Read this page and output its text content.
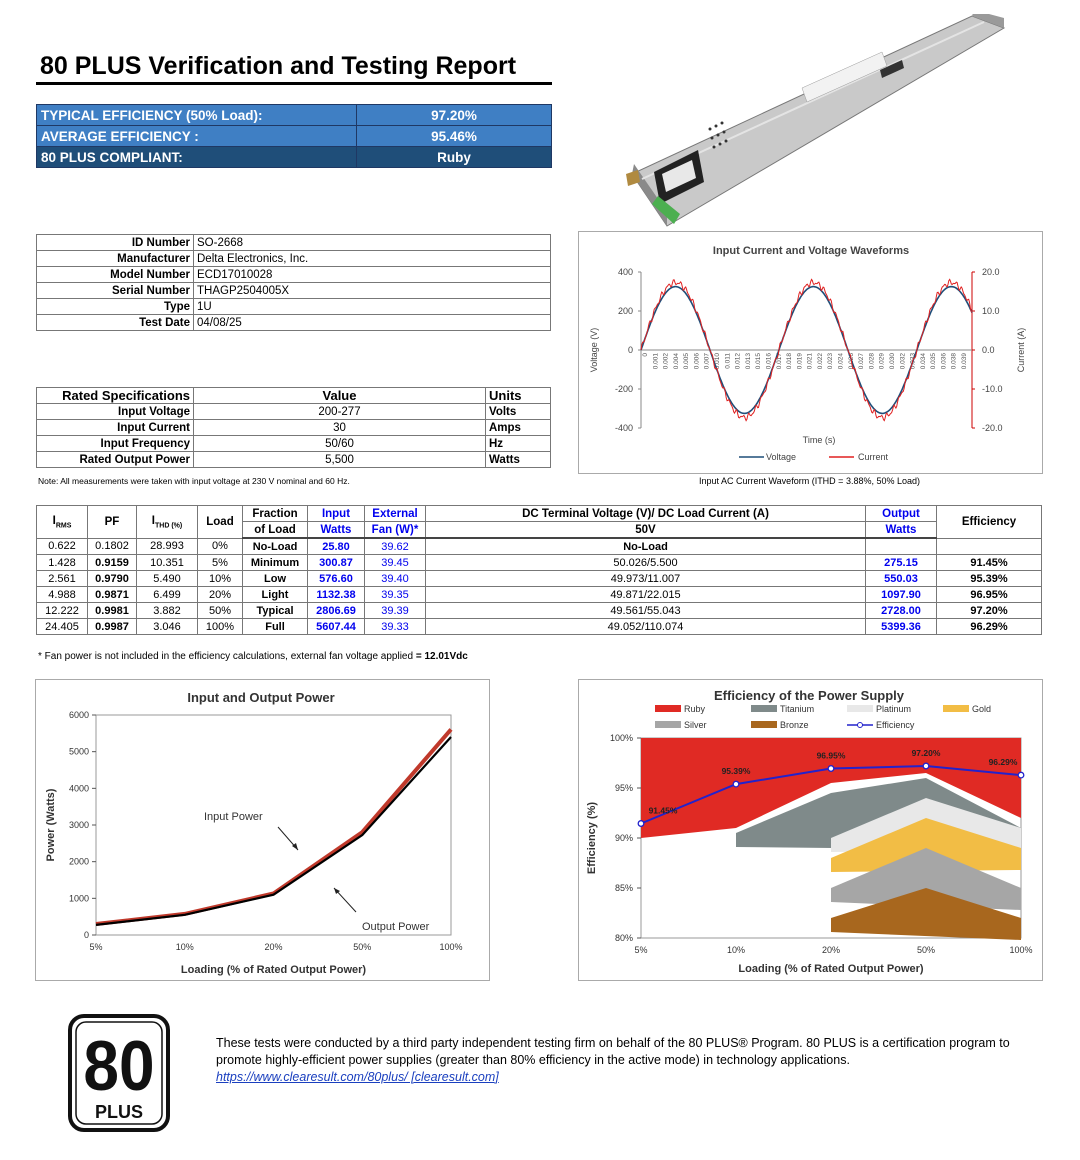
80 PLUS Verification and Testing Report
TYPICAL EFFICIENCY (50% Load):	97.20%
AVERAGE EFFICIENCY :	95.46%
80 PLUS COMPLIANT:	Ruby
ID Number	SO-2668
Manufacturer	Delta Electronics, Inc.
Model Number	ECD17010028
Serial Number	THAGP2504005X
Type	1U
Test Date	04/08/25
Rated Specifications	Value	Units
Input Voltage	200-277	Volts
Input Current	30	Amps
Input Frequency	50/60	Hz
Rated Output Power	5,500	Watts
Note: All measurements were taken with input voltage at 230 V nominal and 60 Hz.
Input Current and Voltage Waveforms
400
200
0
-200
-400
20.0
10.0
0.0
-10.0
-20.0
0 0.001 0.002 0.004 0.005 0.006 0.007 0.010 0.011 0.012 0.013 0.015 0.016 0.017 0.018 0.019 0.021 0.022 0.023 0.024 0.026 0.027 0.028 0.029 0.030 0.032 0.033 0.034 0.035 0.036 0.038 0.039
Time (s)
Voltage (V)	Current (A)
Voltage	Current
Input AC Current Waveform (ITHD = 3.88%, 50% Load)
$I_{RMS}$	PF	$I_{THD (\%)}$	Load	Fraction	Input	External	DC Terminal Voltage (V)/ DC Load Current (A)	Output	Efficiency
				of Load	Watts	Fan (W)*	50V	Watts	
0.622	0.1802	28.993	0%	No-Load	25.80	39.62	No-Load		
1.428	0.9159	10.351	5%	Minimum	300.87	39.45	50.026/5.500	275.15	91.45%
2.561	0.9790	5.490	10%	Low	576.60	39.40	49.973/11.007	550.03	95.39%
4.988	0.9871	6.499	20%	Light	1132.38	39.35	49.871/22.015	1097.90	96.95%
12.222	0.9981	3.882	50%	Typical	2806.69	39.39	49.561/55.043	2728.00	97.20%
24.405	0.9987	3.046	100%	Full	5607.44	39.33	49.052/110.074	5399.36	96.29%
* Fan power is not included in the efficiency calculations, external fan voltage applied = 12.01Vdc
Input and Output Power
0
1000
2000
3000
4000
5000
6000
5%	10%	20%	50%	100%
Loading (% of Rated Output Power)
Power (Watts)	Input Power
Output Power
Efficiency of the Power Supply
Ruby	Titanium	Platinum	Gold
Silver	Bronze	Efficiency
100%
95%
90%
85%
80%
5%	10%	20%	50%	100%
Loading (% of Rated Output Power)
Efficiency (%)	91.45%
95.39%
96.95%	97.20%
96.29%
80
PLUS
These tests were conducted by a third party independent testing firm on behalf of the 80 PLUS® Program. 80 PLUS is a certification program to promote highly-efficient power supplies (greater than 80% efficiency in the active mode) in technology applications.
https://www.clearesult.com/80plus/ [clearesult.com]
